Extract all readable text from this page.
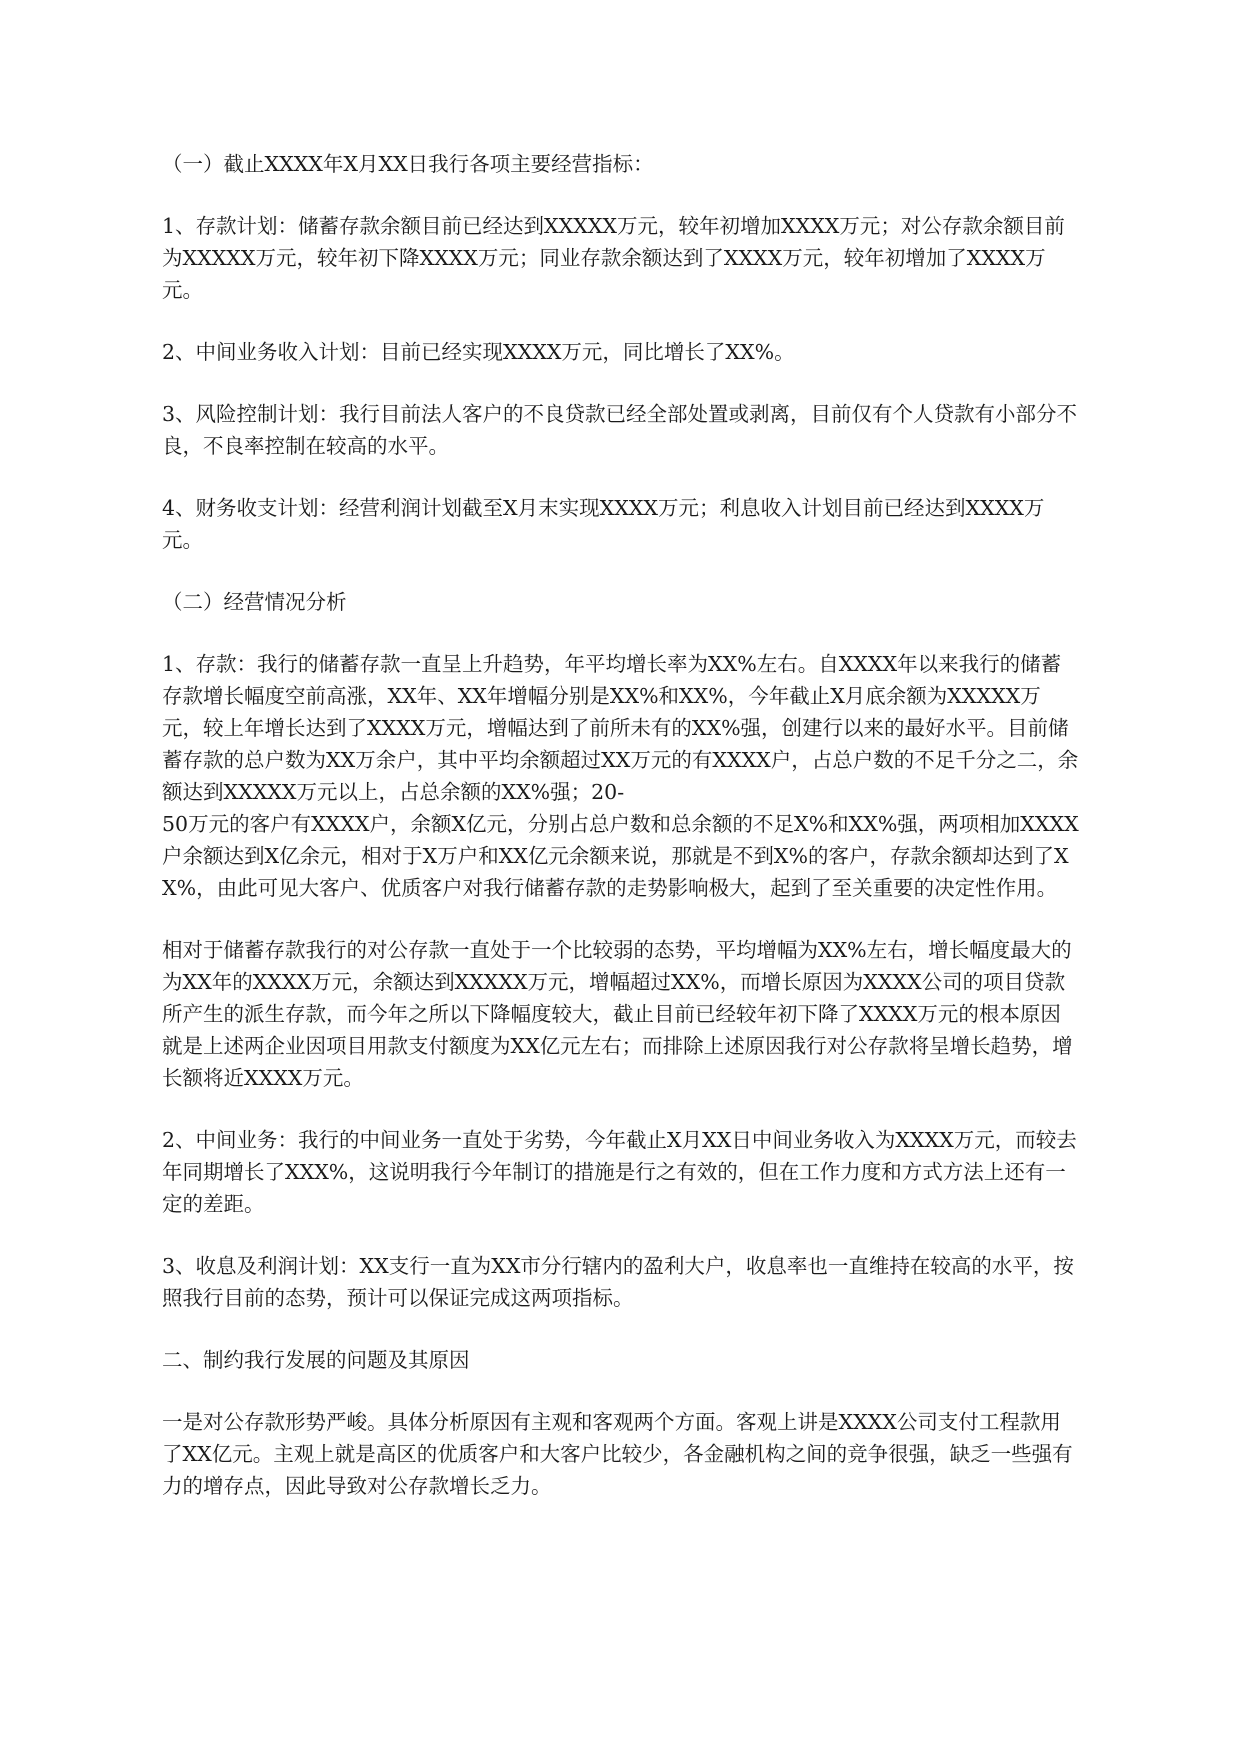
（一）截止XXXX年X月XX日我行各项主要经营指标：

1、存款计划：储蓄存款余额目前已经达到XXXXX万元，较年初增加XXXX万元；对公存款余额目前为XXXXX万元，较年初下降XXXX万元；同业存款余额达到了XXXX万元，较年初增加了XXXX万元。

2、中间业务收入计划：目前已经实现XXXX万元，同比增长了XX%。

3、风险控制计划：我行目前法人客户的不良贷款已经全部处置或剥离，目前仅有个人贷款有小部分不良，不良率控制在较高的水平。

4、财务收支计划：经营利润计划截至X月末实现XXXX万元；利息收入计划目前已经达到XXXX万元。

（二）经营情况分析

1、存款：我行的储蓄存款一直呈上升趋势，年平均增长率为XX%左右。自XXXX年以来我行的储蓄存款增长幅度空前高涨，XX年、XX年增幅分别是XX%和XX%，今年截止X月底余额为XXXXX万元，较上年增长达到了XXXX万元，增幅达到了前所未有的XX%强，创建行以来的最好水平。目前储蓄存款的总户数为XX万余户，其中平均余额超过XX万元的有XXXX户，占总户数的不足千分之二，余额达到XXXXX万元以上，占总余额的XX%强；20-
50万元的客户有XXXX户，余额X亿元，分别占总户数和总余额的不足X%和XX%强，两项相加XXXX户余额达到X亿余元，相对于X万户和XX亿元余额来说，那就是不到X%的客户，存款余额却达到了XX%，由此可见大客户、优质客户对我行储蓄存款的走势影响极大，起到了至关重要的决定性作用。

相对于储蓄存款我行的对公存款一直处于一个比较弱的态势，平均增幅为XX%左右，增长幅度最大的为XX年的XXXX万元，余额达到XXXXX万元，增幅超过XX%，而增长原因为XXXX公司的项目贷款所产生的派生存款，而今年之所以下降幅度较大，截止目前已经较年初下降了XXXX万元的根本原因就是上述两企业因项目用款支付额度为XX亿元左右；而排除上述原因我行对公存款将呈增长趋势，增长额将近XXXX万元。

2、中间业务：我行的中间业务一直处于劣势，今年截止X月XX日中间业务收入为XXXX万元，而较去年同期增长了XXX%，这说明我行今年制订的措施是行之有效的，但在工作力度和方式方法上还有一定的差距。

3、收息及利润计划：XX支行一直为XX市分行辖内的盈利大户，收息率也一直维持在较高的水平，按照我行目前的态势，预计可以保证完成这两项指标。

二、制约我行发展的问题及其原因

一是对公存款形势严峻。具体分析原因有主观和客观两个方面。客观上讲是XXXX公司支付工程款用了XX亿元。主观上就是高区的优质客户和大客户比较少，各金融机构之间的竞争很强，缺乏一些强有力的增存点，因此导致对公存款增长乏力。
